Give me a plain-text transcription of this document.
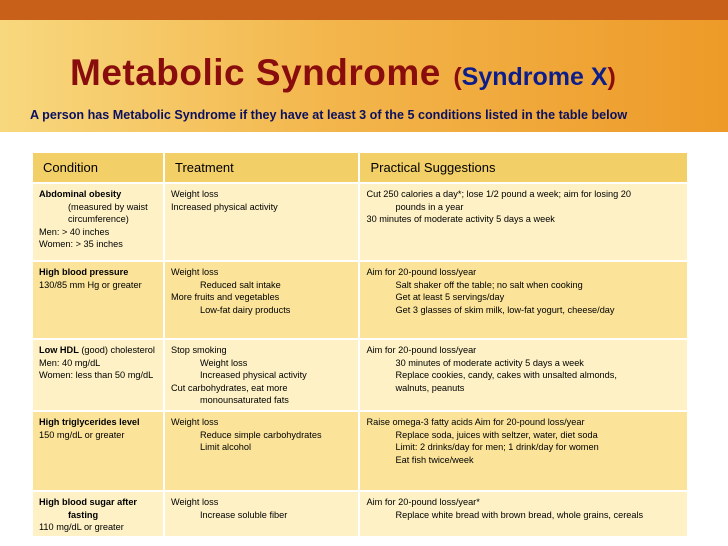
Metabolic Syndrome (Syndrome X)
A person has Metabolic Syndrome if they have at least 3 of the 5 conditions listed in the table below
Condition	Treatment	Practical Suggestions

Abdominal obesity
(measured by waist
circumference)
Men: > 40 inches
Women: > 35 inches	Weight loss
Increased physical activity	Cut 250 calories a day*; lose 1/2 pound a week; aim for losing 20
pounds in a year
30 minutes of moderate activity 5 days a week

High blood pressure
130/85 mm Hg or greater	Weight loss
Reduced salt intake
More fruits and vegetables
Low-fat dairy products	Aim for 20-pound loss/year
Salt shaker off the table; no salt when cooking
Get at least 5 servings/day
Get 3 glasses of skim milk, low-fat yogurt, cheese/day

Low HDL (good) cholesterol
Men: 40 mg/dL
Women: less than 50 mg/dL	Stop smoking
Weight loss
Increased physical activity
Cut carbohydrates, eat more
monounsaturated fats	Aim for 20-pound loss/year
30 minutes of moderate activity 5 days a week
Replace cookies, candy, cakes with unsalted almonds,
walnuts, peanuts

High triglycerides level
150 mg/dL or greater	Weight loss
Reduce simple carbohydrates
Limit alcohol	Raise omega-3 fatty acids Aim for 20-pound loss/year
Replace soda, juices with seltzer, water, diet soda
Limit: 2 drinks/day for men; 1 drink/day for women
Eat fish twice/week

High blood sugar after
fasting
110 mg/dL or greater	Weight loss
Increase soluble fiber	Aim for 20-pound loss/year*
Replace white bread with brown bread, whole grains, cereals
